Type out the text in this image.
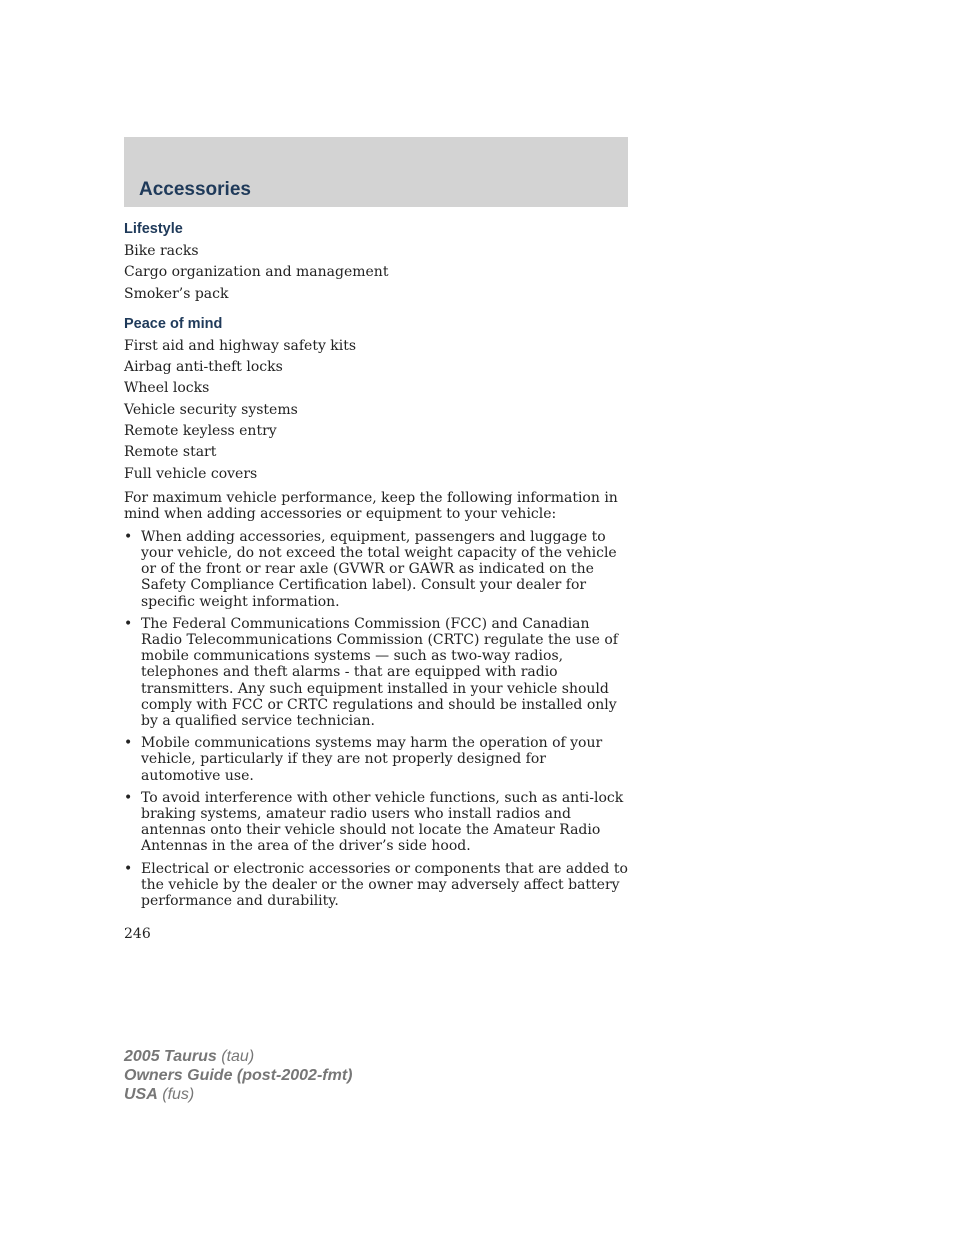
Accessories
Lifestyle
Bike racks
Cargo organization and management
Smoker’s pack
Peace of mind
First aid and highway safety kits
Airbag anti-theft locks
Wheel locks
Vehicle security systems
Remote keyless entry
Remote start
Full vehicle covers

For maximum vehicle performance, keep the following information in mind when adding accessories or equipment to your vehicle:

• When adding accessories, equipment, passengers and luggage to your vehicle, do not exceed the total weight capacity of the vehicle or of the front or rear axle (GVWR or GAWR as indicated on the Safety Compliance Certification label). Consult your dealer for specific weight information.
• The Federal Communications Commission (FCC) and Canadian Radio Telecommunications Commission (CRTC) regulate the use of mobile communications systems — such as two-way radios, telephones and theft alarms - that are equipped with radio transmitters. Any such equipment installed in your vehicle should comply with FCC or CRTC regulations and should be installed only by a qualified service technician.
• Mobile communications systems may harm the operation of your vehicle, particularly if they are not properly designed for automotive use.
• To avoid interference with other vehicle functions, such as anti-lock braking systems, amateur radio users who install radios and antennas onto their vehicle should not locate the Amateur Radio Antennas in the area of the driver’s side hood.
• Electrical or electronic accessories or components that are added to the vehicle by the dealer or the owner may adversely affect battery performance and durability.
246
2005 Taurus (tau)
Owners Guide (post-2002-fmt)
USA (fus)
